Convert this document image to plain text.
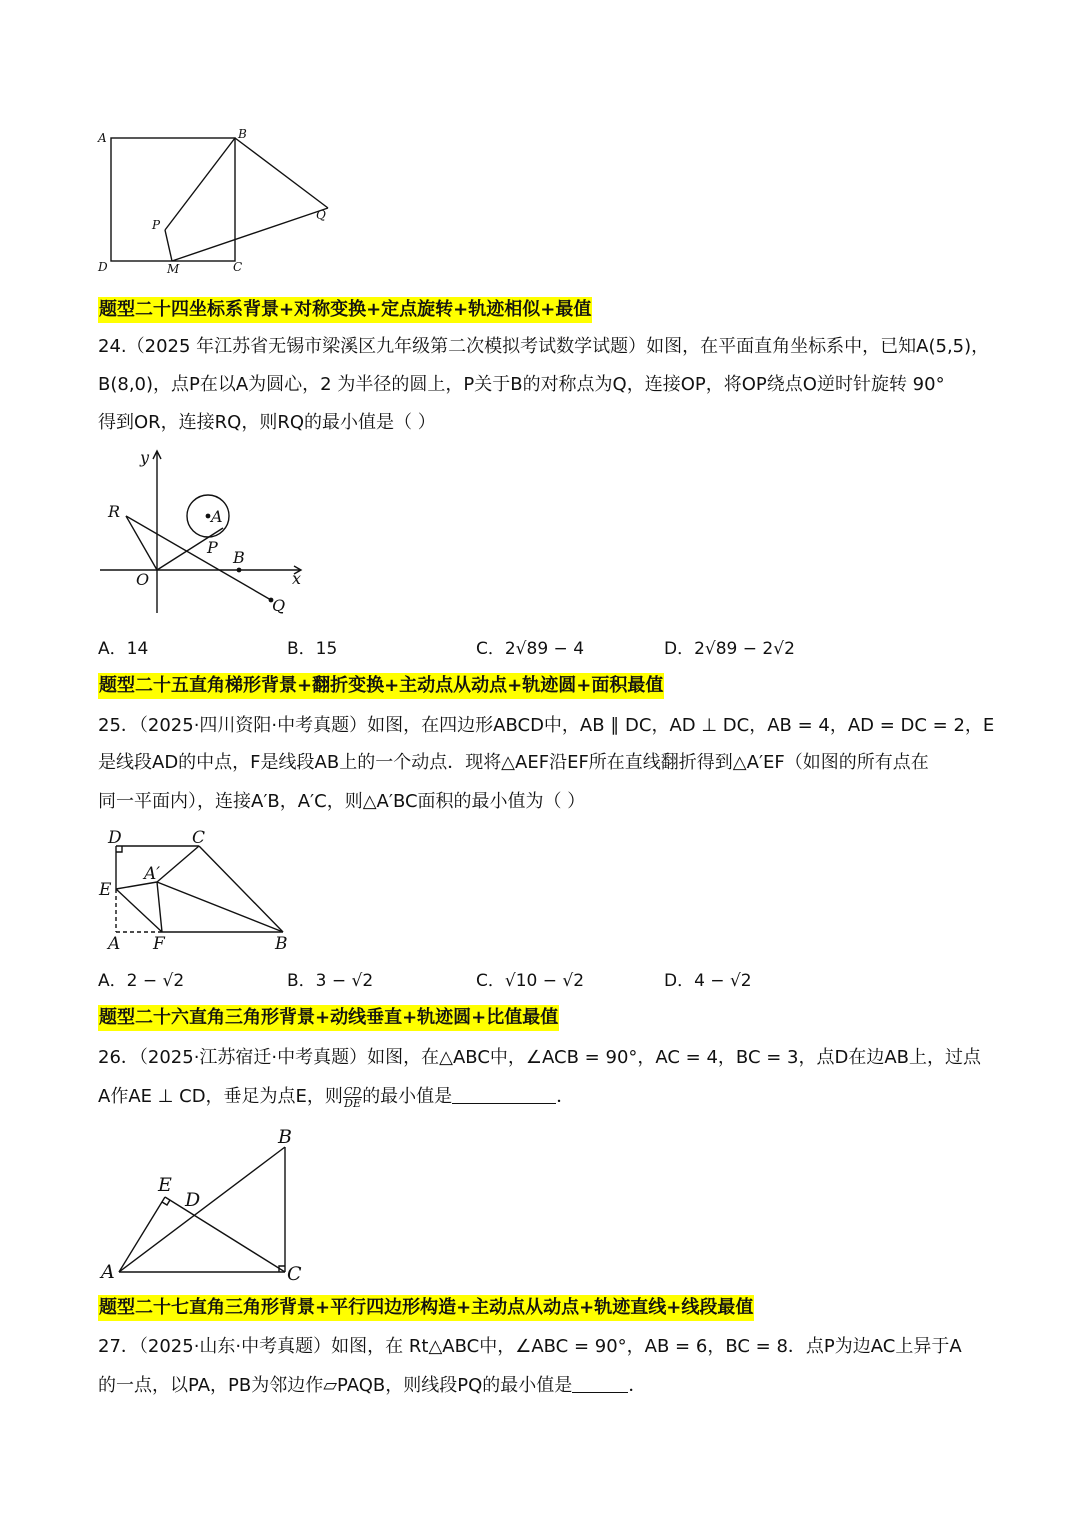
A	B
Q
P
D	M	C
题型二十四坐标系背景+对称变换+定点旋转+轨迹相似+最值
24.（2025 年江苏省无锡市梁溪区九年级第二次模拟考试数学试题）如图，在平面直角坐标系中，已知A(5,5)，
B(8,0)，点P在以A为圆心，2 为半径的圆上，P关于B的对称点为Q，连接OP，将OP绕点O逆时针旋转 90°
得到OR，连接RQ，则RQ的最小值是（ ）
y
R	A
P
B
O	x
Q
A．14	B．15	C．2√89 − 4	D．2√89 − 2√2
题型二十五直角梯形背景+翻折变换+主动点从动点+轨迹圆+面积最值
25．（2025·四川资阳·中考真题）如图，在四边形ABCD中，AB ∥ DC，AD ⊥ DC，AB = 4，AD = DC = 2，E
是线段AD的中点，F是线段AB上的一个动点．现将△AEF沿EF所在直线翻折得到△A′EF（如图的所有点在
同一平面内），连接A′B，A′C，则△A′BC面积的最小值为（ ）
D	C
A′
E
A F	B
A．2 − √2	B．3 − √2	C．√10 − √2	D．4 − √2
题型二十六直角三角形背景+动线垂直+轨迹圆+比值最值
26．（2025·江苏宿迁·中考真题）如图，在△ABC中，∠ACB = 90°，AC = 4，BC = 3，点D在边AB上，过点
A作AE ⊥ CD，垂足为点E，则 $\frac{CD}{DE}$ 的最小值是	．
B
E
D
A	C
题型二十七直角三角形背景+平行四边形构造+主动点从动点+轨迹直线+线段最值
27．（2025·山东·中考真题）如图，在 Rt△ABC中，∠ABC = 90°，AB = 6，BC = 8．点P为边AC上异于A
的一点，以PA，PB为邻边作▱PAQB，则线段PQ的最小值是	．
